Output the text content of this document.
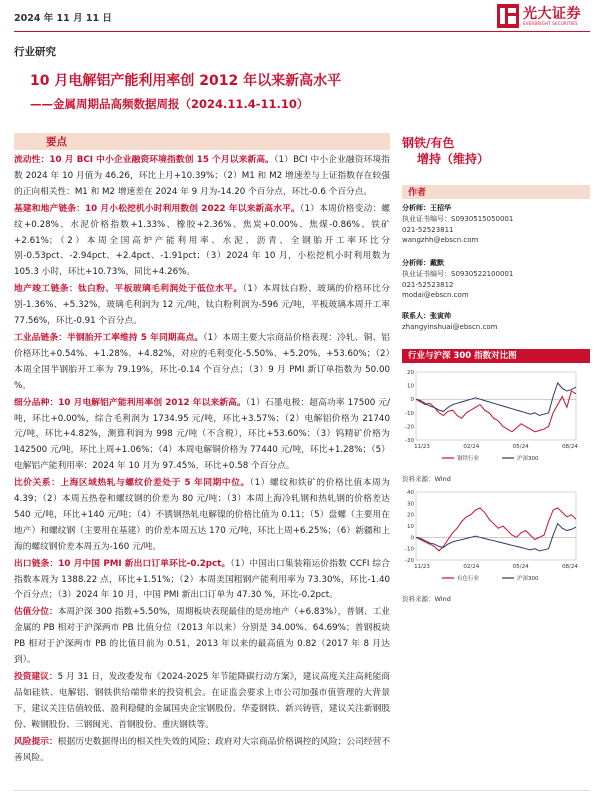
2024 年 11 月 11 日	光大证券
EVERBRIGHT SECURITIES
行业研究
10 月电解铝产能利用率创 2012 年以来新高水平
——金属周期品高频数据周报（2024.11.4-11.10）
要点

流动性：10 月 BCI 中小企业融资环境指数创 15 个月以来新高。（1）BCI 中小企业融资环境指数 2024 年 10 月值为 46.26，环比上月+10.39%；（2）M1 和 M2 增速差与上证指数存在较强的正向相关性：M1 和 M2 增速差在 2024 年 9 月为-14.20 个百分点，环比-0.6 个百分点。

基建和地产链条：10 月小松挖机小时利用数创 2022 年以来新高水平。（1）本周价格变动：螺纹+0.28%、水泥价格指数+1.33%、橡胶+2.36%、焦炭+0.00%、焦煤-0.86%、铁矿+2.61%；（2）本周全国高炉产能利用率、水泥、沥青、全钢胎开工率环比分别-0.53pct、-2.94pct、+2.4pct、-1.91pct；（3）2024 年 10 月，小松挖机小时利用数为 105.3 小时，环比+10.73%，同比+4.26%。

地产竣工链条：钛白粉、平板玻璃毛利润处于低位水平。（1）本周钛白粉、玻璃的价格环比分别-1.36%、+5.32%，玻璃毛利润为 12 元/吨，钛白粉利润为-596 元/吨，平板玻璃本周开工率 77.56%，环比-0.91 个百分点。

工业品链条：半钢胎开工率维持 5 年同期高点。（1）本周主要大宗商品价格表现：冷轧、铜、铝价格环比+0.54%、+1.28%、+4.82%，对应的毛利变化-5.50%、+5.20%、+53.60%；（2）本周全国半钢胎开工率为 79.19%，环比-0.14 个百分点；（3）9 月 PMI 新订单指数为 50.00 %。

细分品种：10 月电解铝产能利用率创 2012 年以来新高。（1）石墨电极：超高功率 17500 元/吨，环比+0.00%，综合毛利润为 1734.95 元/吨，环比+3.57%；（2）电解铝价格为 21740 元/吨，环比+4.82%，测算利润为 998 元/吨（不含税），环比+53.60%；（3）钨精矿价格为 142500 元/吨，环比上周+1.06%；（4）本周电解铜价格为 77440 元/吨，环比+1.28%；（5）电解铝产能利用率：2024 年 10 月为 97.45%，环比+0.58 个百分点。

比价关系：上海区域热轧与螺纹价差处于 5 年同期中位。（1）螺纹和铁矿的价格比值本周为 4.39；（2）本周五热卷和螺纹钢的价差为 80 元/吨；（3）本周上海冷轧钢和热轧钢的价格差达 540 元/吨，环比+140 元/吨；（4）不锈钢热轧电解镍的价格比值为 0.11；（5）盘螺（主要用在地产）和螺纹钢（主要用在基建）的价差本周五达 170 元/吨，环比上周+6.25%；（6）新疆和上海的螺纹钢价差本周五为-160 元/吨。

出口链条：10 月中国 PMI 新出口订单环比-0.2pct。（1）中国出口集装箱运价指数 CCFI 综合指数本周为 1388.22 点，环比+1.51%；（2）本周美国粗钢产能利用率为 73.30%，环比-1.40 个百分点；（3）2024 年 10 月，中国 PMI 新出口订单为 47.30 %，环比-0.2pct。

估值分位：本周沪深 300 指数+5.50%，周期板块表现最佳的是房地产（+6.83%），普钢、工业金属的 PB 相对于沪深两市 PB 比值分位（2013 年以来）分别是 34.00%、64.69%；普钢板块 PB 相对于沪深两市 PB 的比值目前为 0.51，2013 年以来的最高值为 0.82（2017 年 8 月达到）。

投资建议：5 月 31 日，发改委发布《2024-2025 年节能降碳行动方案》，建议高度关注高耗能商品如硅铁、电解铝、钢铁供给端带来的投资机会。在证监会要求上市公司加强市值管理的大背景下，建议关注估值较低、盈利稳健的金属国央企宝钢股份、华菱钢铁、新兴铸管，建议关注新钢股份、鞍钢股份、三钢闽光、首钢股份、重庆钢铁等。

风险提示：根据历史数据得出的相关性失效的风险；政府对大宗商品价格调控的风险；公司经营不善风险。

钢铁/有色
增持（维持）
作者
分析师：王招华
执业证书编号：S0930515050001
021-52523811
wangzhh@ebscn.com
分析师：戴默
执业证书编号：S0930522100001
021-52523812
modai@ebscn.com
联系人：张寅帅
zhangyinshuai@ebscn.com
行业与沪深 300 指数对比图
20
10
0
-10
-20
-30
11/23	02/24	05/24	08/24
钢铁行业	沪深300
资料来源：Wind
40
30
20
10
0
-10
-20
11/23	02/24	05/24	08/24
有色行业	沪深300
资料来源：Wind
